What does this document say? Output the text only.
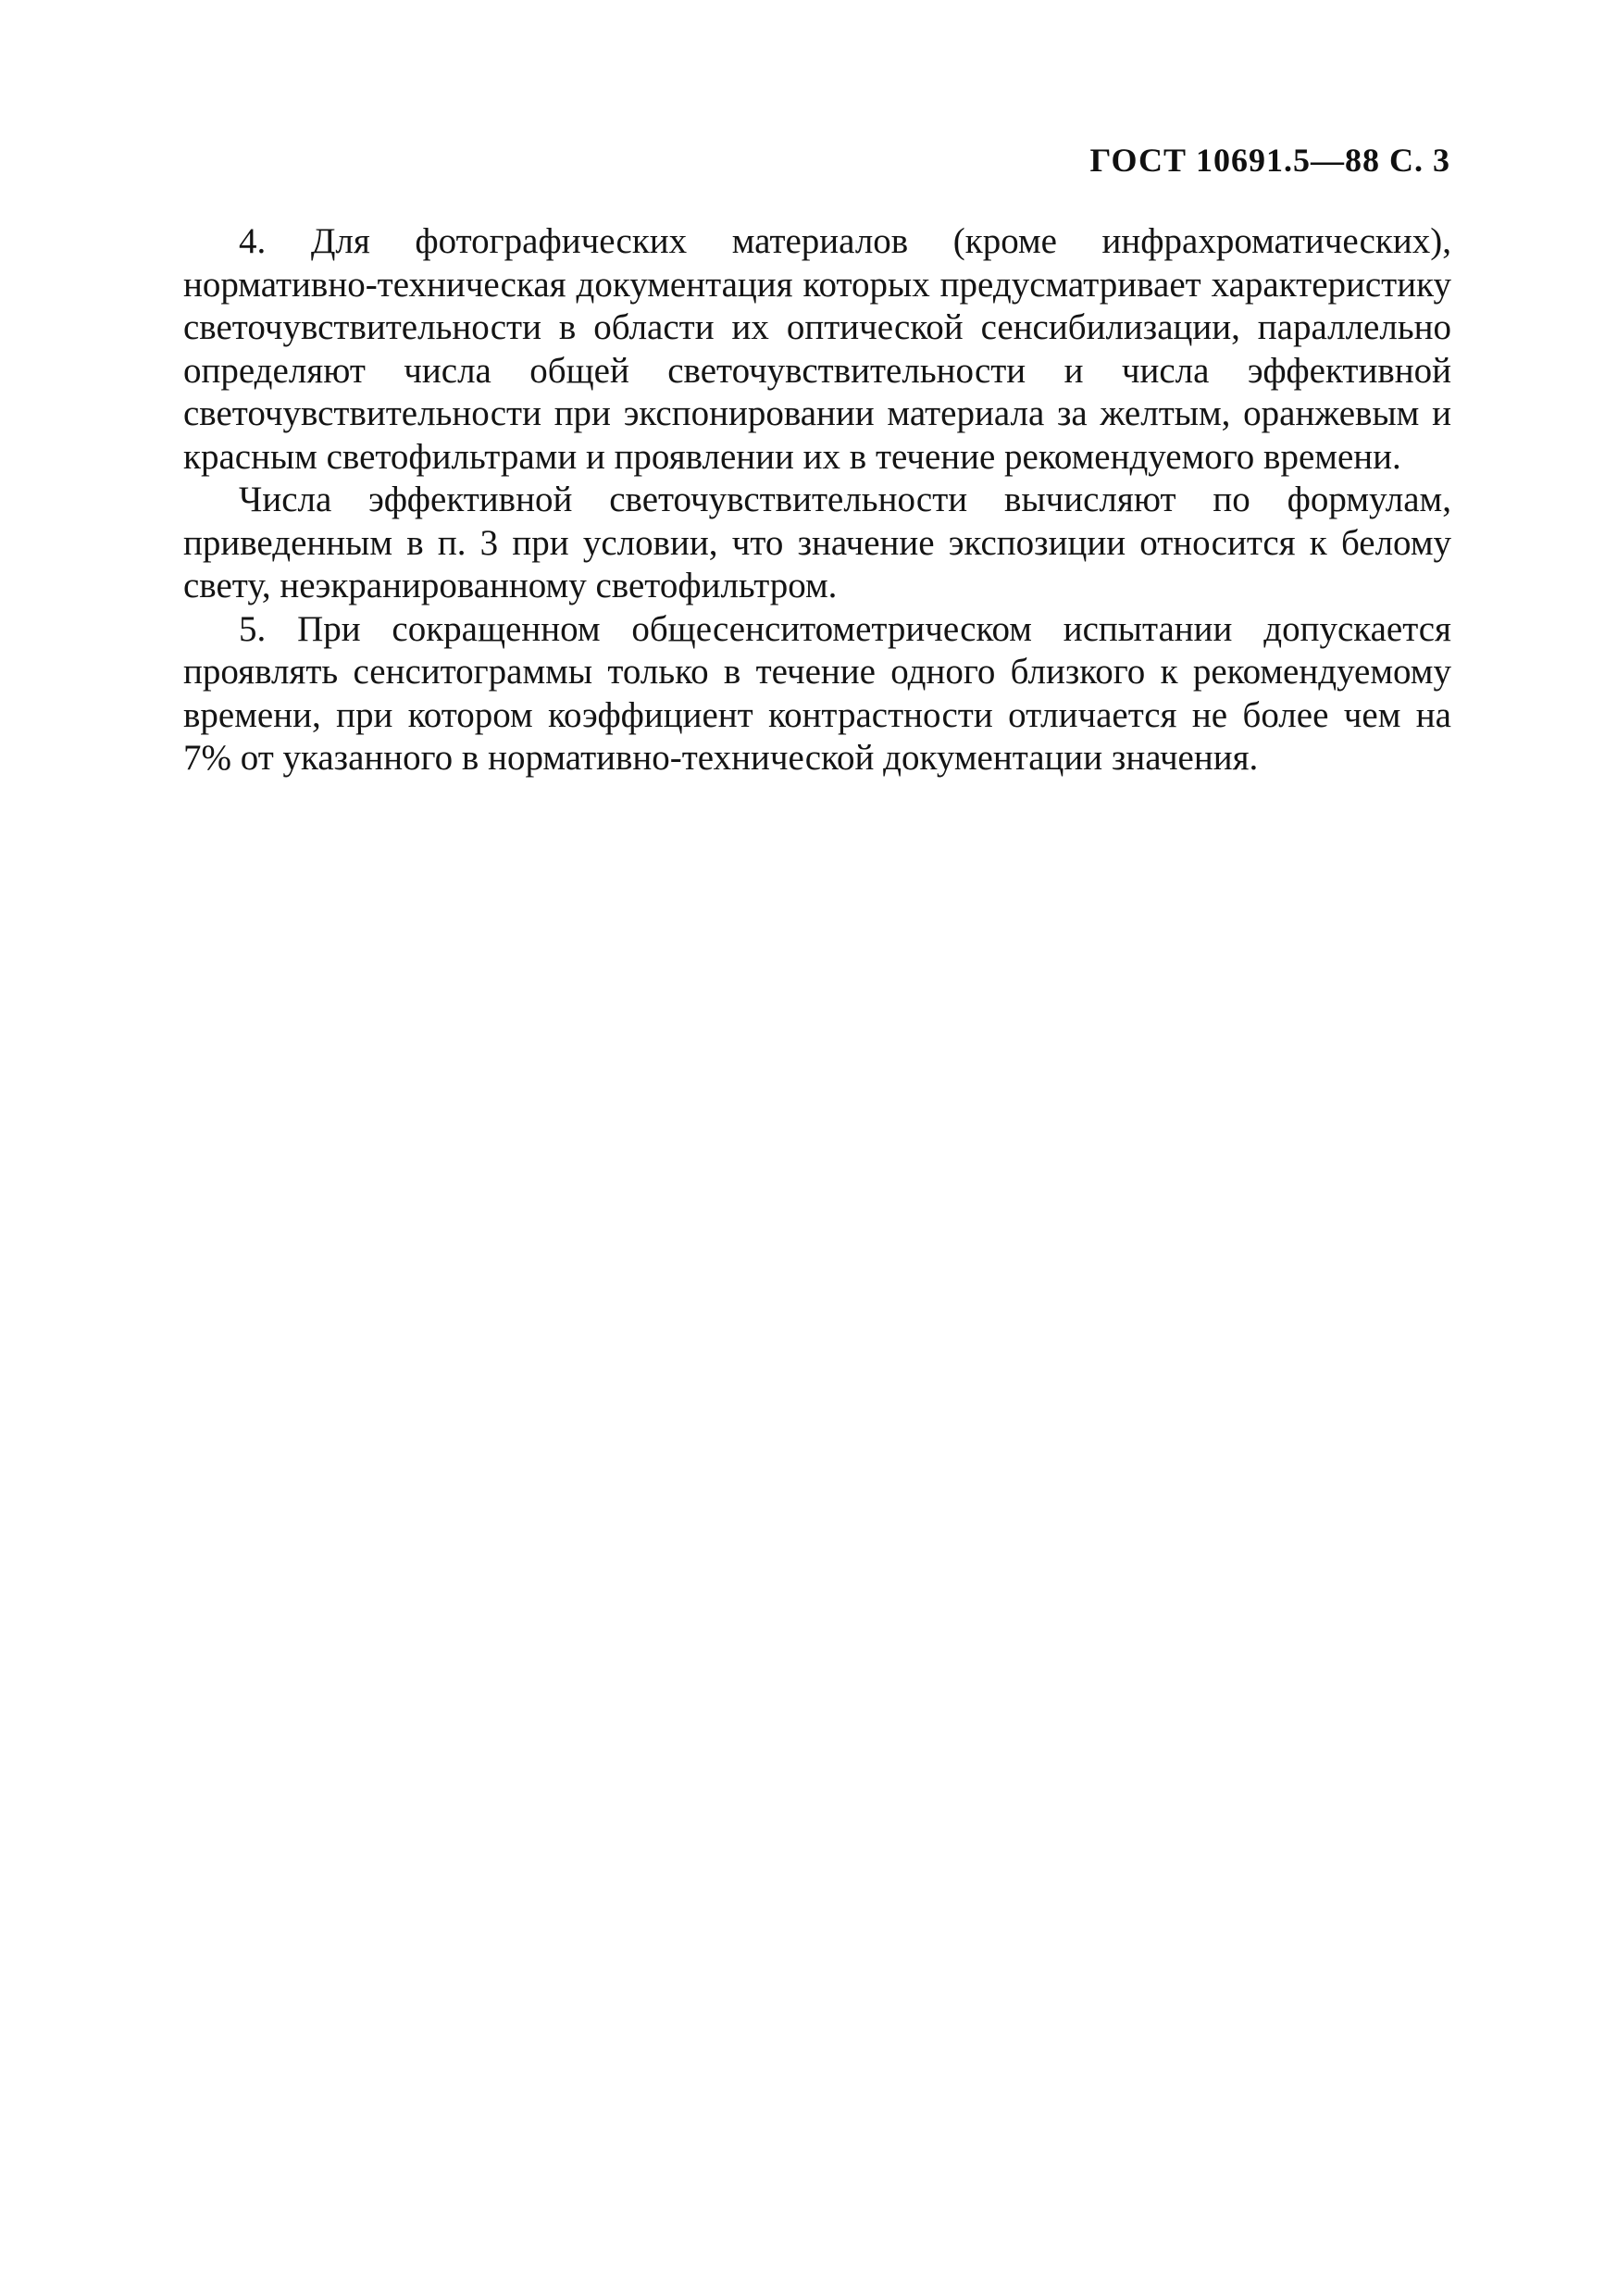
ГОСТ 10691.5—88 С. 3

4. Для фотографических материалов (кроме инфрахроматических), нормативно-техническая документация которых предусматривает характеристику светочувствительности в области их оптической сенсибилизации, параллельно определяют числа общей светочувствительности и числа эффективной светочувствительности при экспонировании материала за желтым, оранжевым и красным светофильтрами и проявлении их в течение рекомендуемого времени.

Числа эффективной светочувствительности вычисляют по формулам, приведенным в п. 3 при условии, что значение экспозиции относится к белому свету, неэкранированному светофильтром.

5. При сокращенном общесенситометрическом испытании допускается проявлять сенситограммы только в течение одного близкого к рекомендуемому времени, при котором коэффициент контрастности отличается не более чем на 7% от указанного в нормативно-технической документации значения.
